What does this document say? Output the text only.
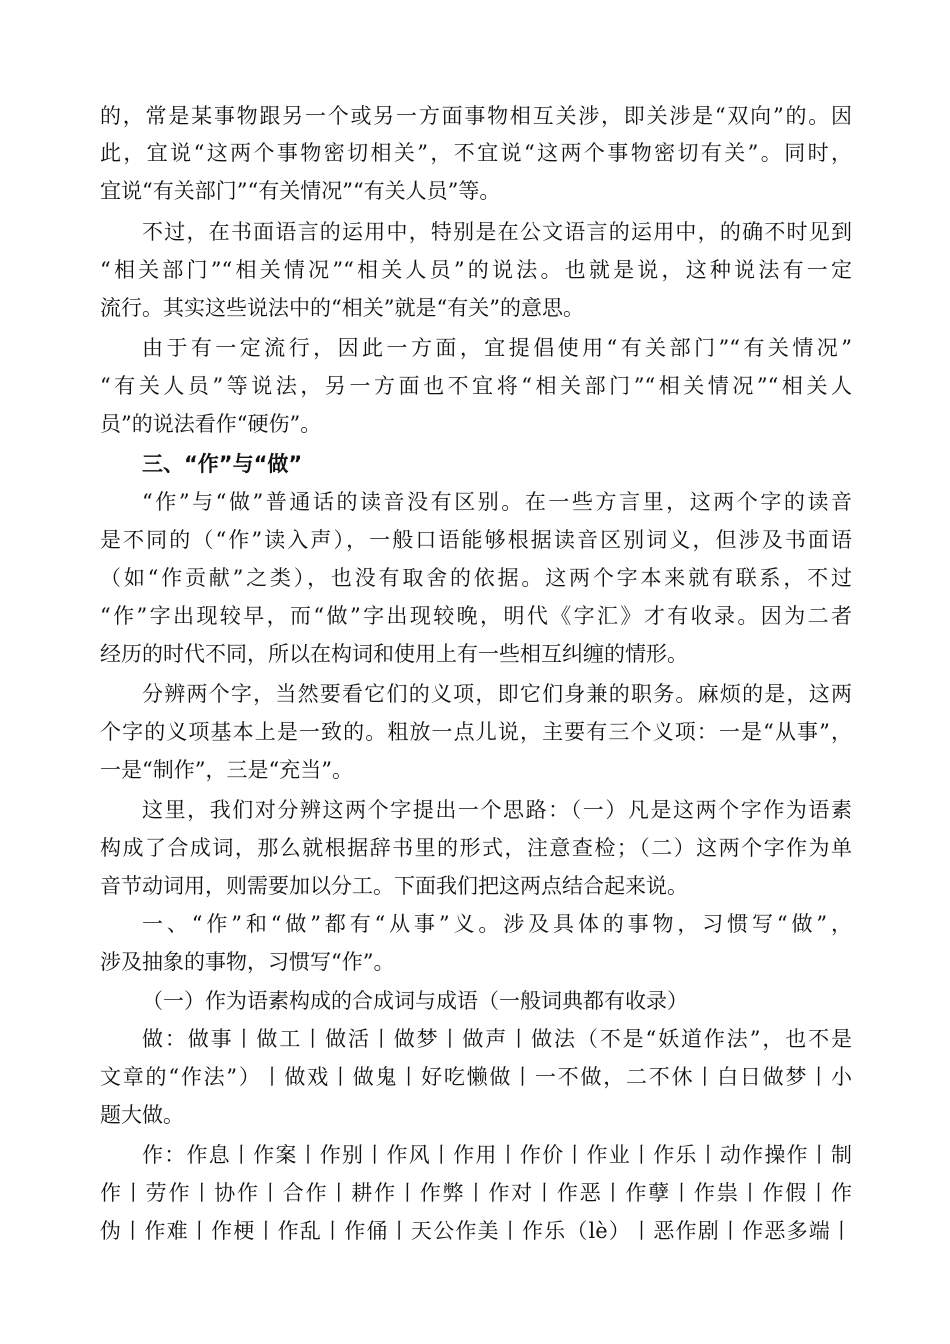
的，常是某事物跟另一个或另一方面事物相互关涉，即关涉是“双向”的。因
此，宜说“这两个事物密切相关”，不宜说“这两个事物密切有关”。同时，
宜说“有关部门”“有关情况”“有关人员”等。
不过，在书面语言的运用中，特别是在公文语言的运用中，的确不时见到
“相关部门”“相关情况”“相关人员”的说法。也就是说，这种说法有一定
流行。其实这些说法中的“相关”就是“有关”的意思。
由于有一定流行，因此一方面，宜提倡使用“有关部门”“有关情况”
“有关人员”等说法，另一方面也不宜将“相关部门”“相关情况”“相关人
员”的说法看作“硬伤”。
三、“作”与“做”
“作”与“做”普通话的读音没有区别。在一些方言里，这两个字的读音
是不同的（“作”读入声），一般口语能够根据读音区别词义，但涉及书面语
（如“作贡献”之类），也没有取舍的依据。这两个字本来就有联系，不过
“作”字出现较早，而“做”字出现较晚，明代《字汇》才有收录。因为二者
经历的时代不同，所以在构词和使用上有一些相互纠缠的情形。
分辨两个字，当然要看它们的义项，即它们身兼的职务。麻烦的是，这两
个字的义项基本上是一致的。粗放一点儿说，主要有三个义项：一是“从事”，
一是“制作”，三是“充当”。
这里，我们对分辨这两个字提出一个思路：（一）凡是这两个字作为语素
构成了合成词，那么就根据辞书里的形式，注意查检；（二）这两个字作为单
音节动词用，则需要加以分工。下面我们把这两点结合起来说。
一、“作”和“做”都有“从事”义。涉及具体的事物，习惯写“做”，
涉及抽象的事物，习惯写“作”。
（一）作为语素构成的合成词与成语（一般词典都有收录）
做：做事丨做工丨做活丨做梦丨做声丨做法（不是“妖道作法”，也不是
文章的“作法”）丨做戏丨做鬼丨好吃懒做丨一不做，二不休丨白日做梦丨小
题大做。
作：作息丨作案丨作别丨作风丨作用丨作价丨作业丨作乐丨动作操作丨制
作丨劳作丨协作丨合作丨耕作丨作弊丨作对丨作恶丨作孽丨作祟丨作假丨作
伪丨作难丨作梗丨作乱丨作俑丨天公作美丨作乐（lè）丨恶作剧丨作恶多端丨
